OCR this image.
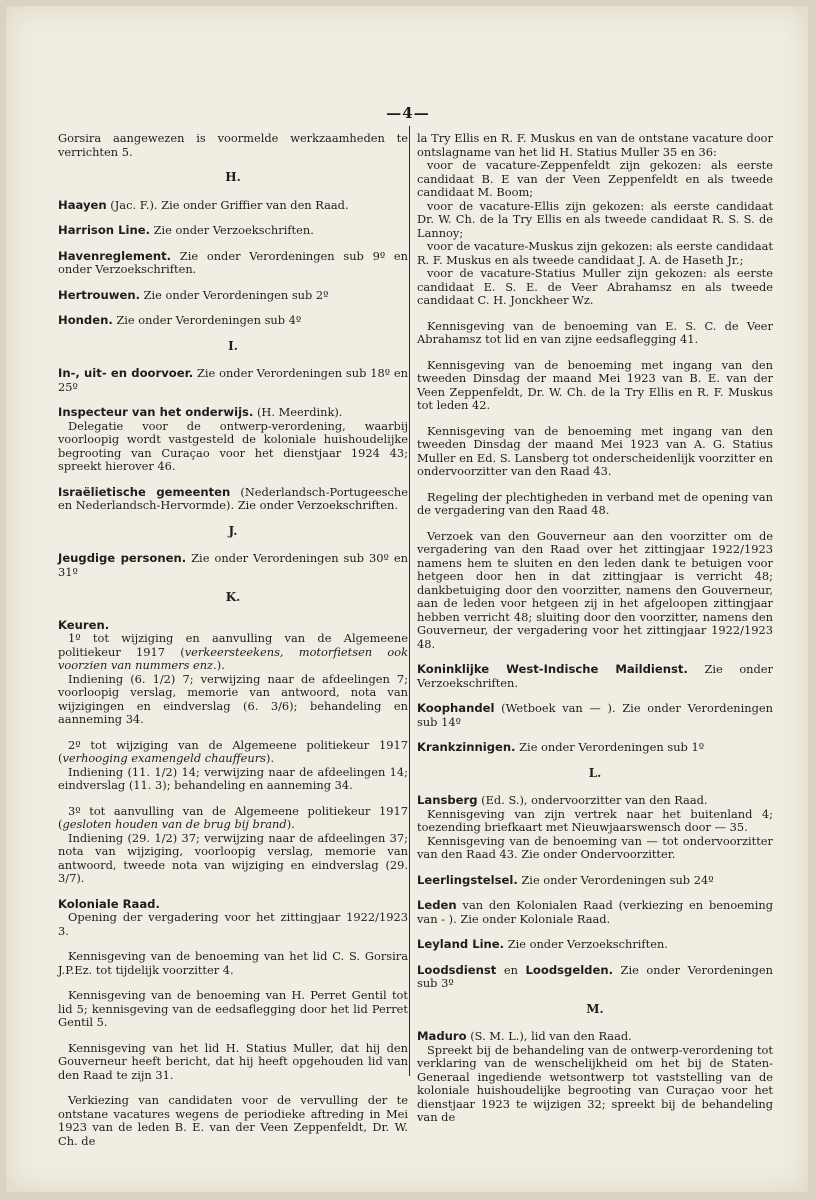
—4—

Gorsira aangewezen is voormelde werkzaamheden te verrichten 5.

H.

Haayen (Jac. F.). Zie onder Griffier van den Raad.

Harrison Line. Zie onder Verzoekschriften.

Havenreglement. Zie onder Verordeningen sub 9º en onder Verzoekschriften.

Hertrouwen. Zie onder Verordeningen sub 2º

Honden. Zie onder Verordeningen sub 4º

I.

In-, uit- en doorvoer. Zie onder Verordeningen sub 18º en 25º

Inspecteur van het onderwijs. (H. Meerdink).

Delegatie voor de ontwerp-verordening, waarbij voorloopig wordt vastgesteld de koloniale huishoudelijke begrooting van Curaçao voor het dienstjaar 1924 43; spreekt hierover 46.

Israëlietische gemeenten (Nederlandsch-Portugeesche en Nederlandsch-Hervormde). Zie onder Verzoekschriften.

J.

Jeugdige personen. Zie onder Verordeningen sub 30º en 31º

K.

Keuren.

1º tot wijziging en aanvulling van de Algemeene politiekeur 1917 (verkeersteekens, motorfietsen ook voorzien van nummers enz.).

Indiening (6. 1/2) 7; verwijzing naar de afdeelingen 7; voorloopig verslag, memorie van antwoord, nota van wijzigingen en eindverslag (6. 3/6); behandeling en aanneming 34.

2º tot wijziging van de Algemeene politiekeur 1917 (verhooging examengeld chauffeurs).

Indiening (11. 1/2) 14; verwijzing naar de afdeelingen 14; eindverslag (11. 3); behandeling en aanneming 34.

3º tot aanvulling van de Algemeene politiekeur 1917 (gesloten houden van de brug bij brand).

Indiening (29. 1/2) 37; verwijzing naar de afdeelingen 37; nota van wijziging, voorloopig verslag, memorie van antwoord, tweede nota van wijziging en eindverslag (29. 3/7).

Koloniale Raad.

Opening der vergadering voor het zittingjaar 1922/1923 3.

Kennisgeving van de benoeming van het lid C. S. Gorsira J.P.Ez. tot tijdelijk voorzitter 4.

Kennisgeving van de benoeming van H. Perret Gentil tot lid 5; kennisgeving van de eedsaflegging door het lid Perret Gentil 5.

Kennisgeving van het lid H. Statius Muller, dat hij den Gouverneur heeft bericht, dat hij heeft opgehouden lid van den Raad te zijn 31.

Verkiezing van candidaten voor de vervulling der te ontstane vacatures wegens de periodieke aftreding in Mei 1923 van de leden B. E. van der Veen Zeppenfeldt, Dr. W. Ch. de

la Try Ellis en R. F. Muskus en van de ontstane vacature door ontslagname van het lid H. Statius Muller 35 en 36:

voor de vacature-Zeppenfeldt zijn gekozen: als eerste candidaat B. E van der Veen Zeppenfeldt en als tweede candidaat M. Boom;

voor de vacature-Ellis zijn gekozen: als eerste candidaat Dr. W. Ch. de la Try Ellis en als tweede candidaat R. S. S. de Lannoy;

voor de vacature-Muskus zijn gekozen: als eerste candidaat R. F. Muskus en als tweede candidaat J. A. de Haseth Jr.;

voor de vacature-Statius Muller zijn gekozen: als eerste candidaat E. S. E. de Veer Abrahamsz en als tweede candidaat C. H. Jonckheer Wz.

Kennisgeving van de benoeming van E. S. C. de Veer Abrahamsz tot lid en van zijne eedsaflegging 41.

Kennisgeving van de benoeming met ingang van den tweeden Dinsdag der maand Mei 1923 van B. E. van der Veen Zeppenfeldt, Dr. W. Ch. de la Try Ellis en R. F. Muskus tot leden 42.

Kennisgeving van de benoeming met ingang van den tweeden Dinsdag der maand Mei 1923 van A. G. Statius Muller en Ed. S. Lansberg tot onderscheidenlijk voorzitter en ondervoorzitter van den Raad 43.

Regeling der plechtigheden in verband met de opening van de vergadering van den Raad 48.

Verzoek van den Gouverneur aan den voorzitter om de vergadering van den Raad over het zittingjaar 1922/1923 namens hem te sluiten en den leden dank te betuigen voor hetgeen door hen in dat zittingjaar is verricht 48; dankbetuiging door den voorzitter, namens den Gouverneur, aan de leden voor hetgeen zij in het afgeloopen zittingjaar hebben verricht 48; sluiting door den voorzitter, namens den Gouverneur, der vergadering voor het zittingjaar 1922/1923 48.

Koninklijke West-Indische Maildienst. Zie onder Verzoekschriften.

Koophandel (Wetboek van — ). Zie onder Verordeningen sub 14º

Krankzinnigen. Zie onder Verordeningen sub 1º

L.

Lansberg (Ed. S.), ondervoorzitter van den Raad.

Kennisgeving van zijn vertrek naar het buitenland 4; toezending briefkaart met Nieuwjaarswensch door — 35.

Kennisgeving van de benoeming van — tot ondervoorzitter van den Raad 43. Zie onder Ondervoorzitter.

Leerlingstelsel. Zie onder Verordeningen sub 24º

Leden van den Kolonialen Raad (verkiezing en benoeming van - ). Zie onder Koloniale Raad.

Leyland Line. Zie onder Verzoekschriften.

Loodsdienst en Loodsgelden. Zie onder Verordeningen sub 3º

M.

Maduro (S. M. L.), lid van den Raad.

Spreekt bij de behandeling van de ontwerp-verordening tot verklaring van de wenschelijkheid om het bij de Staten-Generaal ingediende wetsontwerp tot vaststelling van de koloniale huishoudelijke begrooting van Curaçao voor het dienstjaar 1923 te wijzigen 32; spreekt bij de behandeling van de
